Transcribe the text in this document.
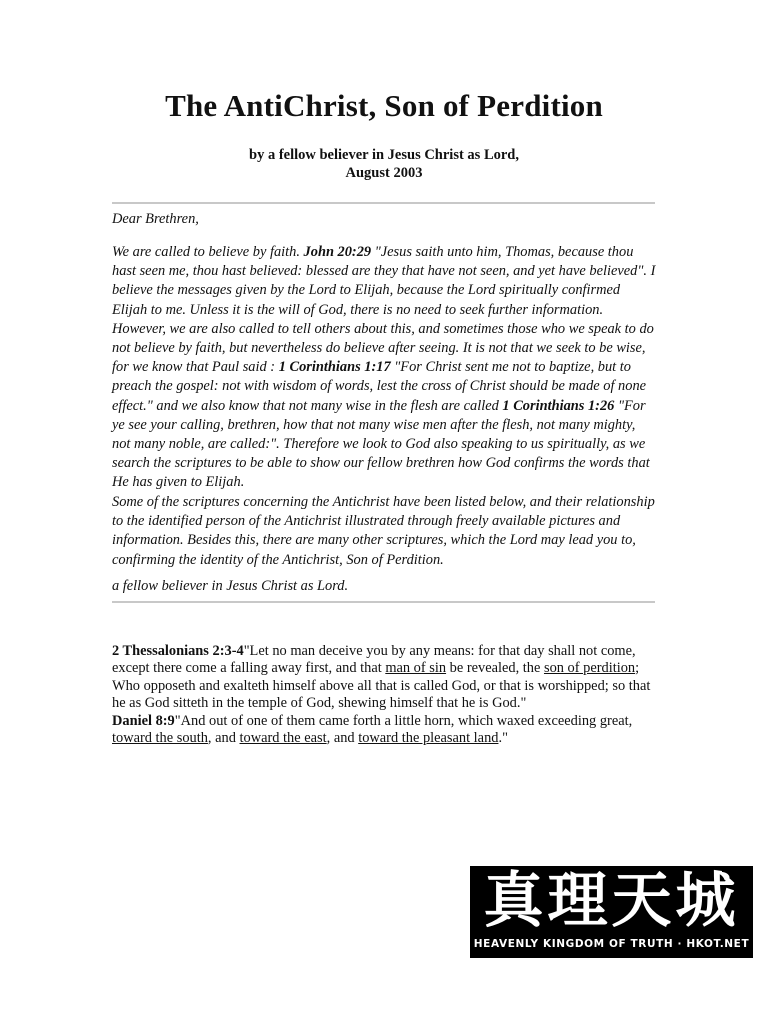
The AntiChrist, Son of Perdition
by a fellow believer in Jesus Christ as Lord,
August 2003

Dear Brethren,

We are called to believe by faith. John 20:29 "Jesus saith unto him, Thomas, because thou hast seen me, thou hast believed: blessed are they that have not seen, and yet have believed". I believe the messages given by the Lord to Elijah, because the Lord spiritually confirmed Elijah to me. Unless it is the will of God, there is no need to seek further information. However, we are also called to tell others about this, and sometimes those who we speak to do not believe by faith, but nevertheless do believe after seeing. It is not that we seek to be wise, for we know that Paul said : 1 Corinthians 1:17 "For Christ sent me not to baptize, but to preach the gospel: not with wisdom of words, lest the cross of Christ should be made of none effect." and we also know that not many wise in the flesh are called 1 Corinthians 1:26 "For ye see your calling, brethren, how that not many wise men after the flesh, not many mighty, not many noble, are called:". Therefore we look to God also speaking to us spiritually, as we search the scriptures to be able to show our fellow brethren how God confirms the words that He has given to Elijah.

Some of the scriptures concerning the Antichrist have been listed below, and their relationship to the identified person of the Antichrist illustrated through freely available pictures and information. Besides this, there are many other scriptures, which the Lord may lead you to, confirming the identity of the Antichrist, Son of Perdition.

a fellow believer in Jesus Christ as Lord.

2 Thessalonians 2:3-4"Let no man deceive you by any means: for that day shall not come, except there come a falling away first, and that man of sin be revealed, the son of perdition; Who opposeth and exalteth himself above all that is called God, or that is worshipped; so that he as God sitteth in the temple of God, shewing himself that he is God."

Daniel 8:9"And out of one of them came forth a little horn, which waxed exceeding great, toward the south, and toward the east, and toward the pleasant land."

真理天城
HEAVENLY KINGDOM OF TRUTH · HKOT.NET
